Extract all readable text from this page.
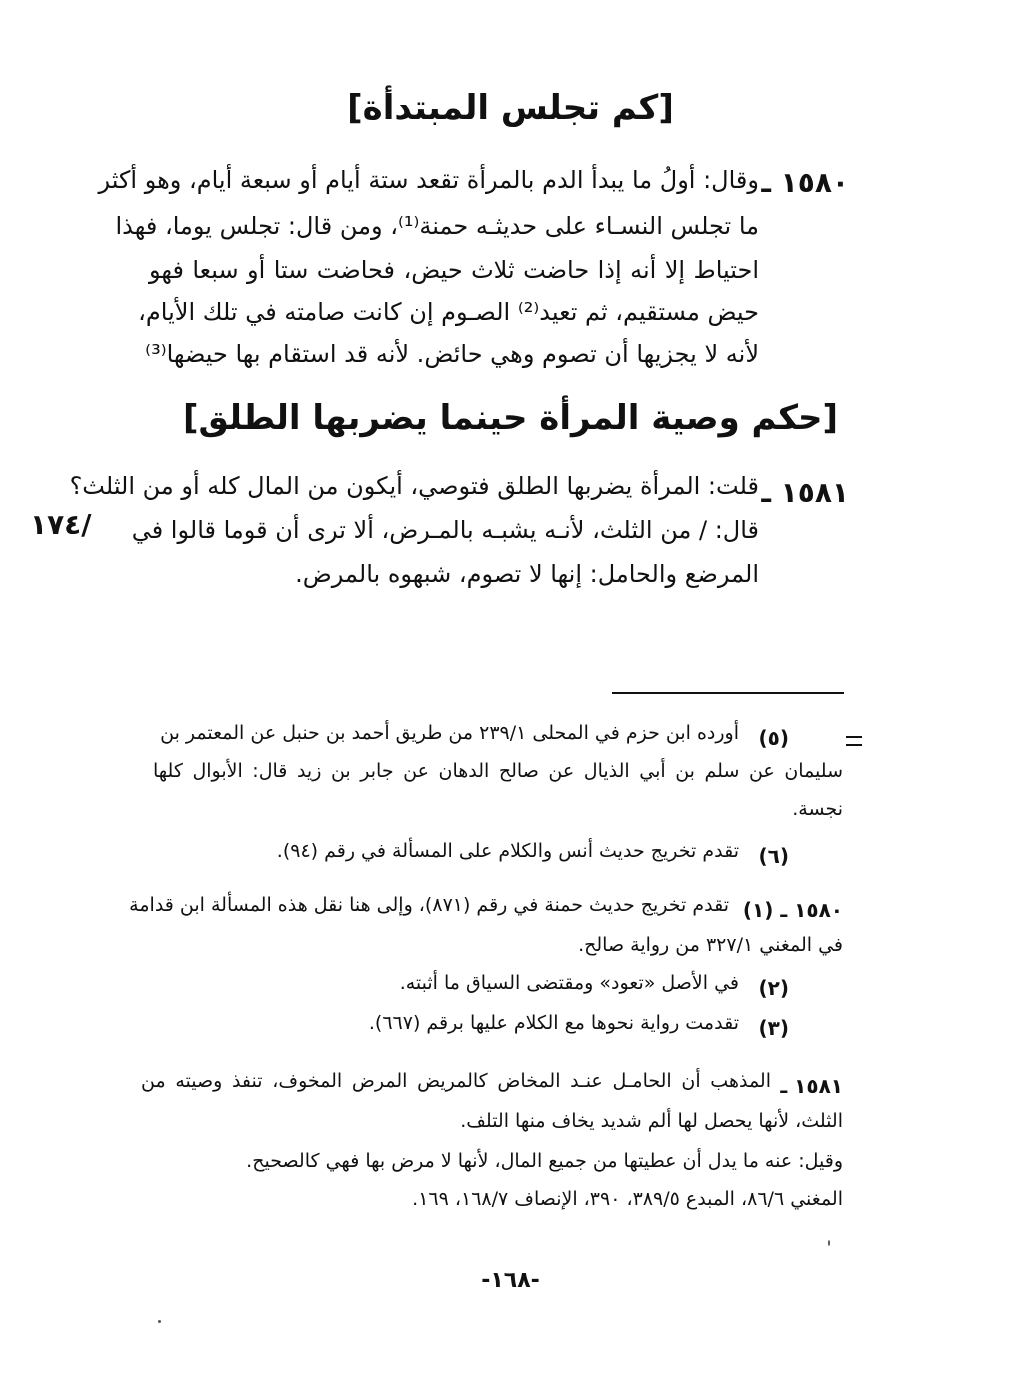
[كم تجلس المبتدأة]
١٥٨٠ ـ
وقال: أولُ ما يبدأ الدم بالمرأة تقعد ستة أيام أو سبعة أيام، وهو أكثر
ما تجلس النسـاء على حديثـه حمنة⁽¹⁾، ومن قال: تجلس يوما، فهذا
احتياط إلا أنه إذا حاضت ثلاث حيض، فحاضت ستا أو سبعا فهو
حيض مستقيم، ثم تعيد⁽²⁾ الصـوم إن كانت صامته في تلك الأيام،
لأنه لا يجزيها أن تصوم وهي حائض. لأنه قد استقام بها حيضها⁽³⁾
[حكم وصية المرأة حينما يضربها الطلق]
١٥٨١ ـ
قلت: المرأة يضربها الطلق فتوصي، أيكون من المال كله أو من الثلث؟
قال: / من الثلث، لأنـه يشبـه بالمـرض، ألا ترى أن قوما قالوا في
المرضع والحامل: إنها لا تصوم، شبهوه بالمرض.
١٧٤/
(٥)
أورده ابن حزم في المحلى ٢٣٩/١ من طريق أحمد بن حنبل عن المعتمر بن
سليمان عن سلم بن أبي الذيال عن صالح الدهان عن جابر بن زيد قال: الأبوال كلها
نجسة.
(٦)
تقدم تخريج حديث أنس والكلام على المسألة في رقم (٩٤).
١٥٨٠ ـ (١)
تقدم تخريج حديث حمنة في رقم (٨٧١)، وإلى هنا نقل هذه المسألة ابن قدامة
في المغني ٣٢٧/١ من رواية صالح.
(٢)
في الأصل «تعود» ومقتضى السياق ما أثبته.
(٣)
تقدمت رواية نحوها مع الكلام عليها برقم (٦٦٧).
١٥٨١ ـ
المذهب أن الحامـل عنـد المخاض كالمريض المرض المخوف، تنفذ وصيته من
الثلث، لأنها يحصل لها ألم شديد يخاف منها التلف.
وقيل: عنه ما يدل أن عطيتها من جميع المال، لأنها لا مرض بها فهي كالصحيح.
المغني ٨٦/٦، المبدع ٣٨٩/٥، ٣٩٠، الإنصاف ١٦٨/٧، ١٦٩.
-١٦٨-
